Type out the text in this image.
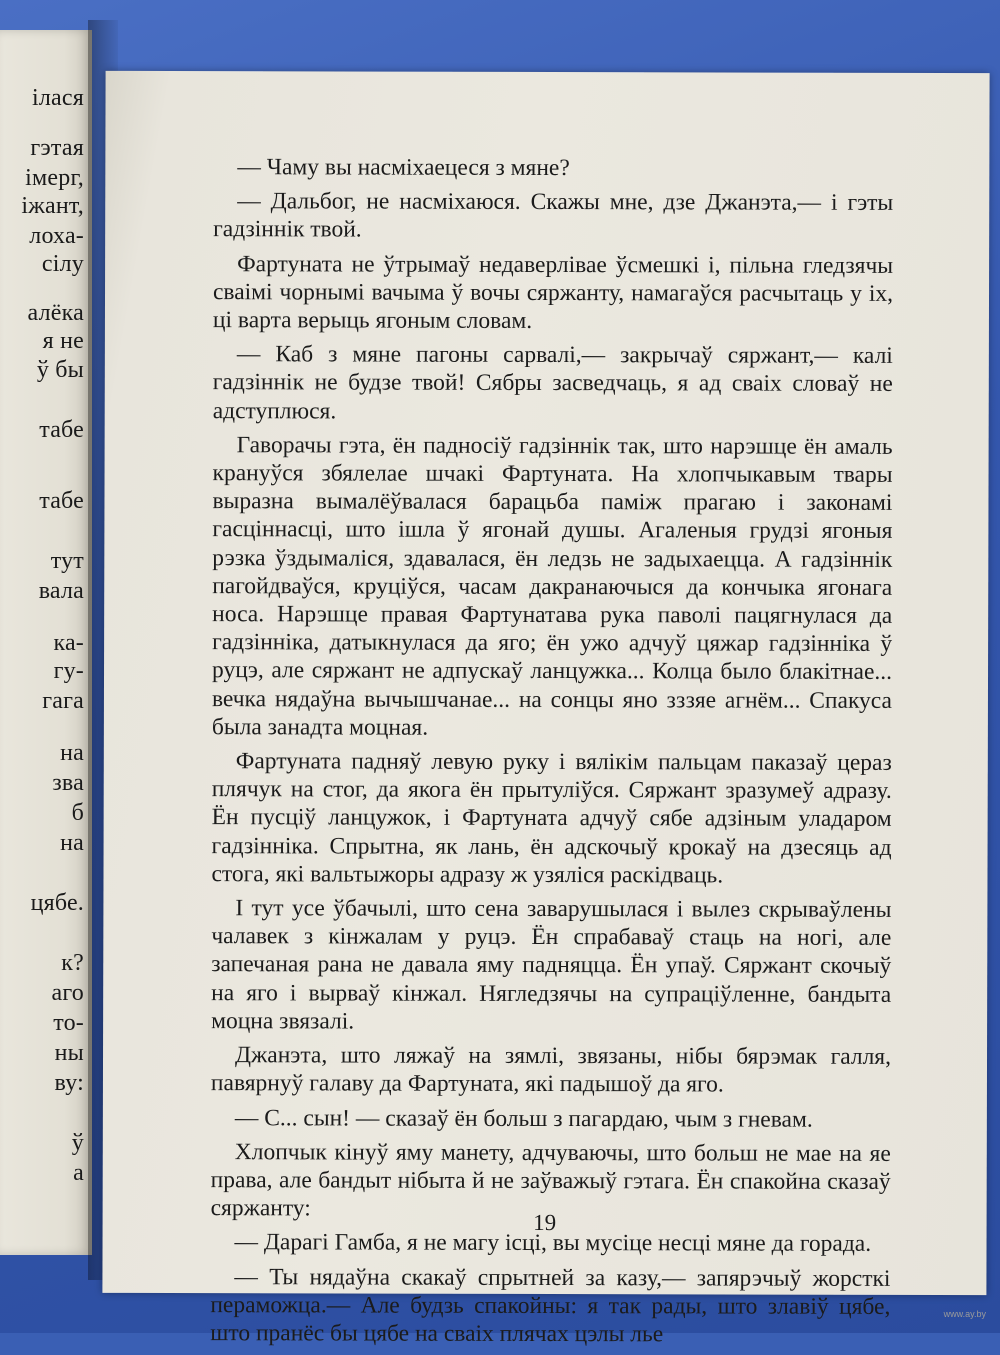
ілася
гэтая
імерг,
іжант,
лоха-
сілу
алёка
я не
ў бы
табе
табе
тут
вала
ка-
гу-
гага
на
зва
б
на
цябе.
к?
аго
то-
ны
ву:
ў
а

— Чаму вы насміхаецеся з мяне?

— Дальбог, не насміхаюся. Скажы мне, дзе Джанэта,— і гэты гадзіннік твой.

Фартуната не ўтрымаў недаверлівае ўсмешкі і, пільна гледзячы сваімі чорнымі вачыма ў вочы сяржанту, намагаўся расчытаць у іх, ці варта верыць ягоным словам.

— Каб з мяне пагоны сарвалі,— закрычаў сяржант,— калі гадзіннік не будзе твой! Сябры засведчаць, я ад сваіх словаў не адступлюся.

Гаворачы гэта, ён падносіў гадзіннік так, што нарэшце ён амаль крануўся збялелае шчакі Фартуната. На хлопчыкавым твары выразна вымалёўвалася барацьба паміж прагаю і законамі гасціннасці, што ішла ў ягонай душы. Агаленыя грудзі ягоныя рэзка ўздымаліся, здавалася, ён ледзь не задыхаецца. А гадзіннік пагойдваўся, круціўся, часам дакранаючыся да кончыка ягонага носа. Нарэшце правая Фартунатава рука паволі пацягнулася да гадзінніка, датыкнулася да яго; ён ужо адчуў цяжар гадзінніка ў руцэ, але сяржант не адпускаў ланцужка... Колца было блакітнае... вечка нядаўна вычышчанае... на сонцы яно зззяе агнём... Спакуса была занадта моцная.

Фартуната падняў левую руку і вялікім пальцам паказаў цераз плячук на стог, да якога ён прытуліўся. Сяржант зразумеў адразу. Ён пусціў ланцужок, і Фартуната адчуў сябе адзіным уладаром гадзінніка. Спрытна, як лань, ён адскочыў крокаў на дзесяць ад стога, які вальтыжоры адразу ж узяліся раскідваць.

І тут усе ўбачылі, што сена заварушылася і вылез скрываўлены чалавек з кінжалам у руцэ. Ён спрабаваў стаць на ногі, але запечаная рана не давала яму падняцца. Ён упаў. Сяржант скочыў на яго і вырваў кінжал. Нягледзячы на супраціўленне, бандыта моцна звязалі.

Джанэта, што ляжаў на зямлі, звязаны, нібы бярэмак галля, павярнуў галаву да Фартуната, які падышоў да яго.

— С... сын! — сказаў ён больш з пагардаю, чым з гневам.

Хлопчык кінуў яму манету, адчуваючы, што больш не мае на яе права, але бандыт нібыта й не заўважыў гэтага. Ён спакойна сказаў сяржанту:

— Дарагі Гамба, я не магу ісці, вы мусіце несці мяне да горада.

— Ты нядаўна скакаў спрытней за казу,— запярэчыў жорсткі пераможца.— Але будзь спакойны: я так рады, што злавіў цябе, што пранёс бы цябе на сваіх плячах цэлы лье

19
www.ay.by
